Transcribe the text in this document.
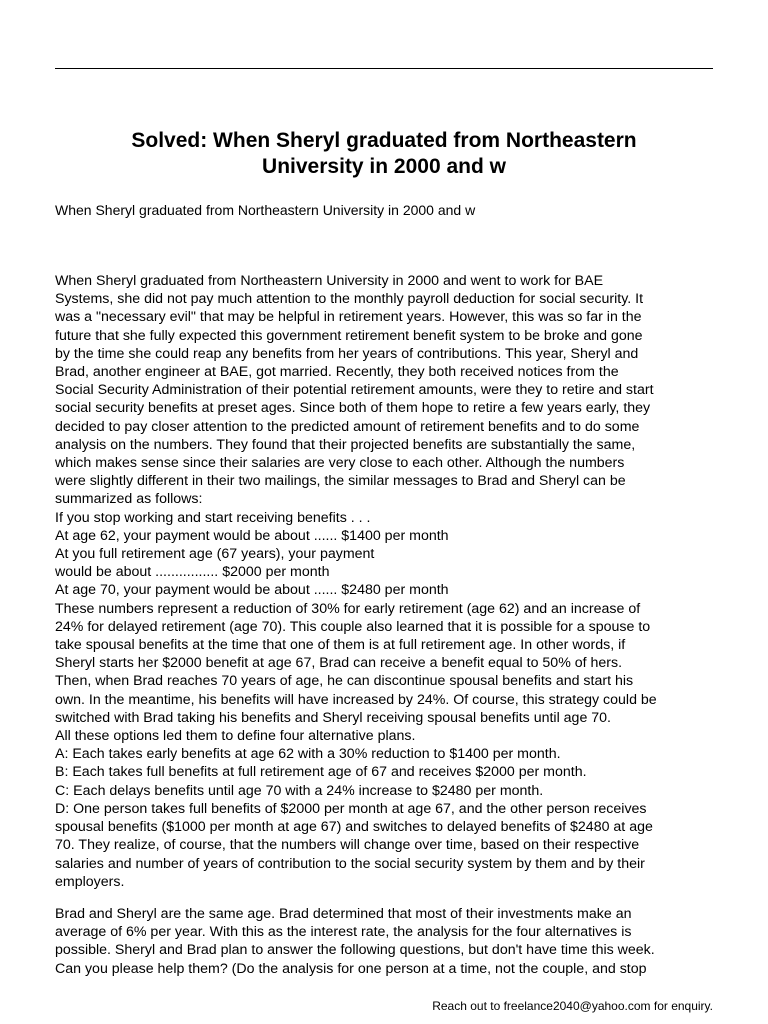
Solved: When Sheryl graduated from Northeastern
University in 2000 and w
When Sheryl graduated from Northeastern University in 2000 and w
When Sheryl graduated from Northeastern University in 2000 and went to work for BAE
Systems, she did not pay much attention to the monthly payroll deduction for social security. It
was a "necessary evil" that may be helpful in retirement years. However, this was so far in the
future that she fully expected this government retirement benefit system to be broke and gone
by the time she could reap any benefits from her years of contributions. This year, Sheryl and
Brad, another engineer at BAE, got married. Recently, they both received notices from the
Social Security Administration of their potential retirement amounts, were they to retire and start
social security benefits at preset ages. Since both of them hope to retire a few years early, they
decided to pay closer attention to the predicted amount of retirement benefits and to do some
analysis on the numbers. They found that their projected benefits are substantially the same,
which makes sense since their salaries are very close to each other. Although the numbers
were slightly different in their two mailings, the similar messages to Brad and Sheryl can be
summarized as follows:
If you stop working and start receiving benefits . . .
At age 62, your payment would be about ...... $1400 per month
At you full retirement age (67 years), your payment
would be about ................ $2000 per month
At age 70, your payment would be about ...... $2480 per month
These numbers represent a reduction of 30% for early retirement (age 62) and an increase of
24% for delayed retirement (age 70). This couple also learned that it is possible for a spouse to
take spousal benefits at the time that one of them is at full retirement age. In other words, if
Sheryl starts her $2000 benefit at age 67, Brad can receive a benefit equal to 50% of hers.
Then, when Brad reaches 70 years of age, he can discontinue spousal benefits and start his
own. In the meantime, his benefits will have increased by 24%. Of course, this strategy could be
switched with Brad taking his benefits and Sheryl receiving spousal benefits until age 70.
All these options led them to define four alternative plans.
A: Each takes early benefits at age 62 with a 30% reduction to $1400 per month.
B: Each takes full benefits at full retirement age of 67 and receives $2000 per month.
C: Each delays benefits until age 70 with a 24% increase to $2480 per month.
D: One person takes full benefits of $2000 per month at age 67, and the other person receives
spousal benefits ($1000 per month at age 67) and switches to delayed benefits of $2480 at age
70. They realize, of course, that the numbers will change over time, based on their respective
salaries and number of years of contribution to the social security system by them and by their
employers.
Brad and Sheryl are the same age. Brad determined that most of their investments make an
average of 6% per year. With this as the interest rate, the analysis for the four alternatives is
possible. Sheryl and Brad plan to answer the following questions, but don't have time this week.
Can you please help them? (Do the analysis for one person at a time, not the couple, and stop
Reach out to freelance2040@yahoo.com for enquiry.
